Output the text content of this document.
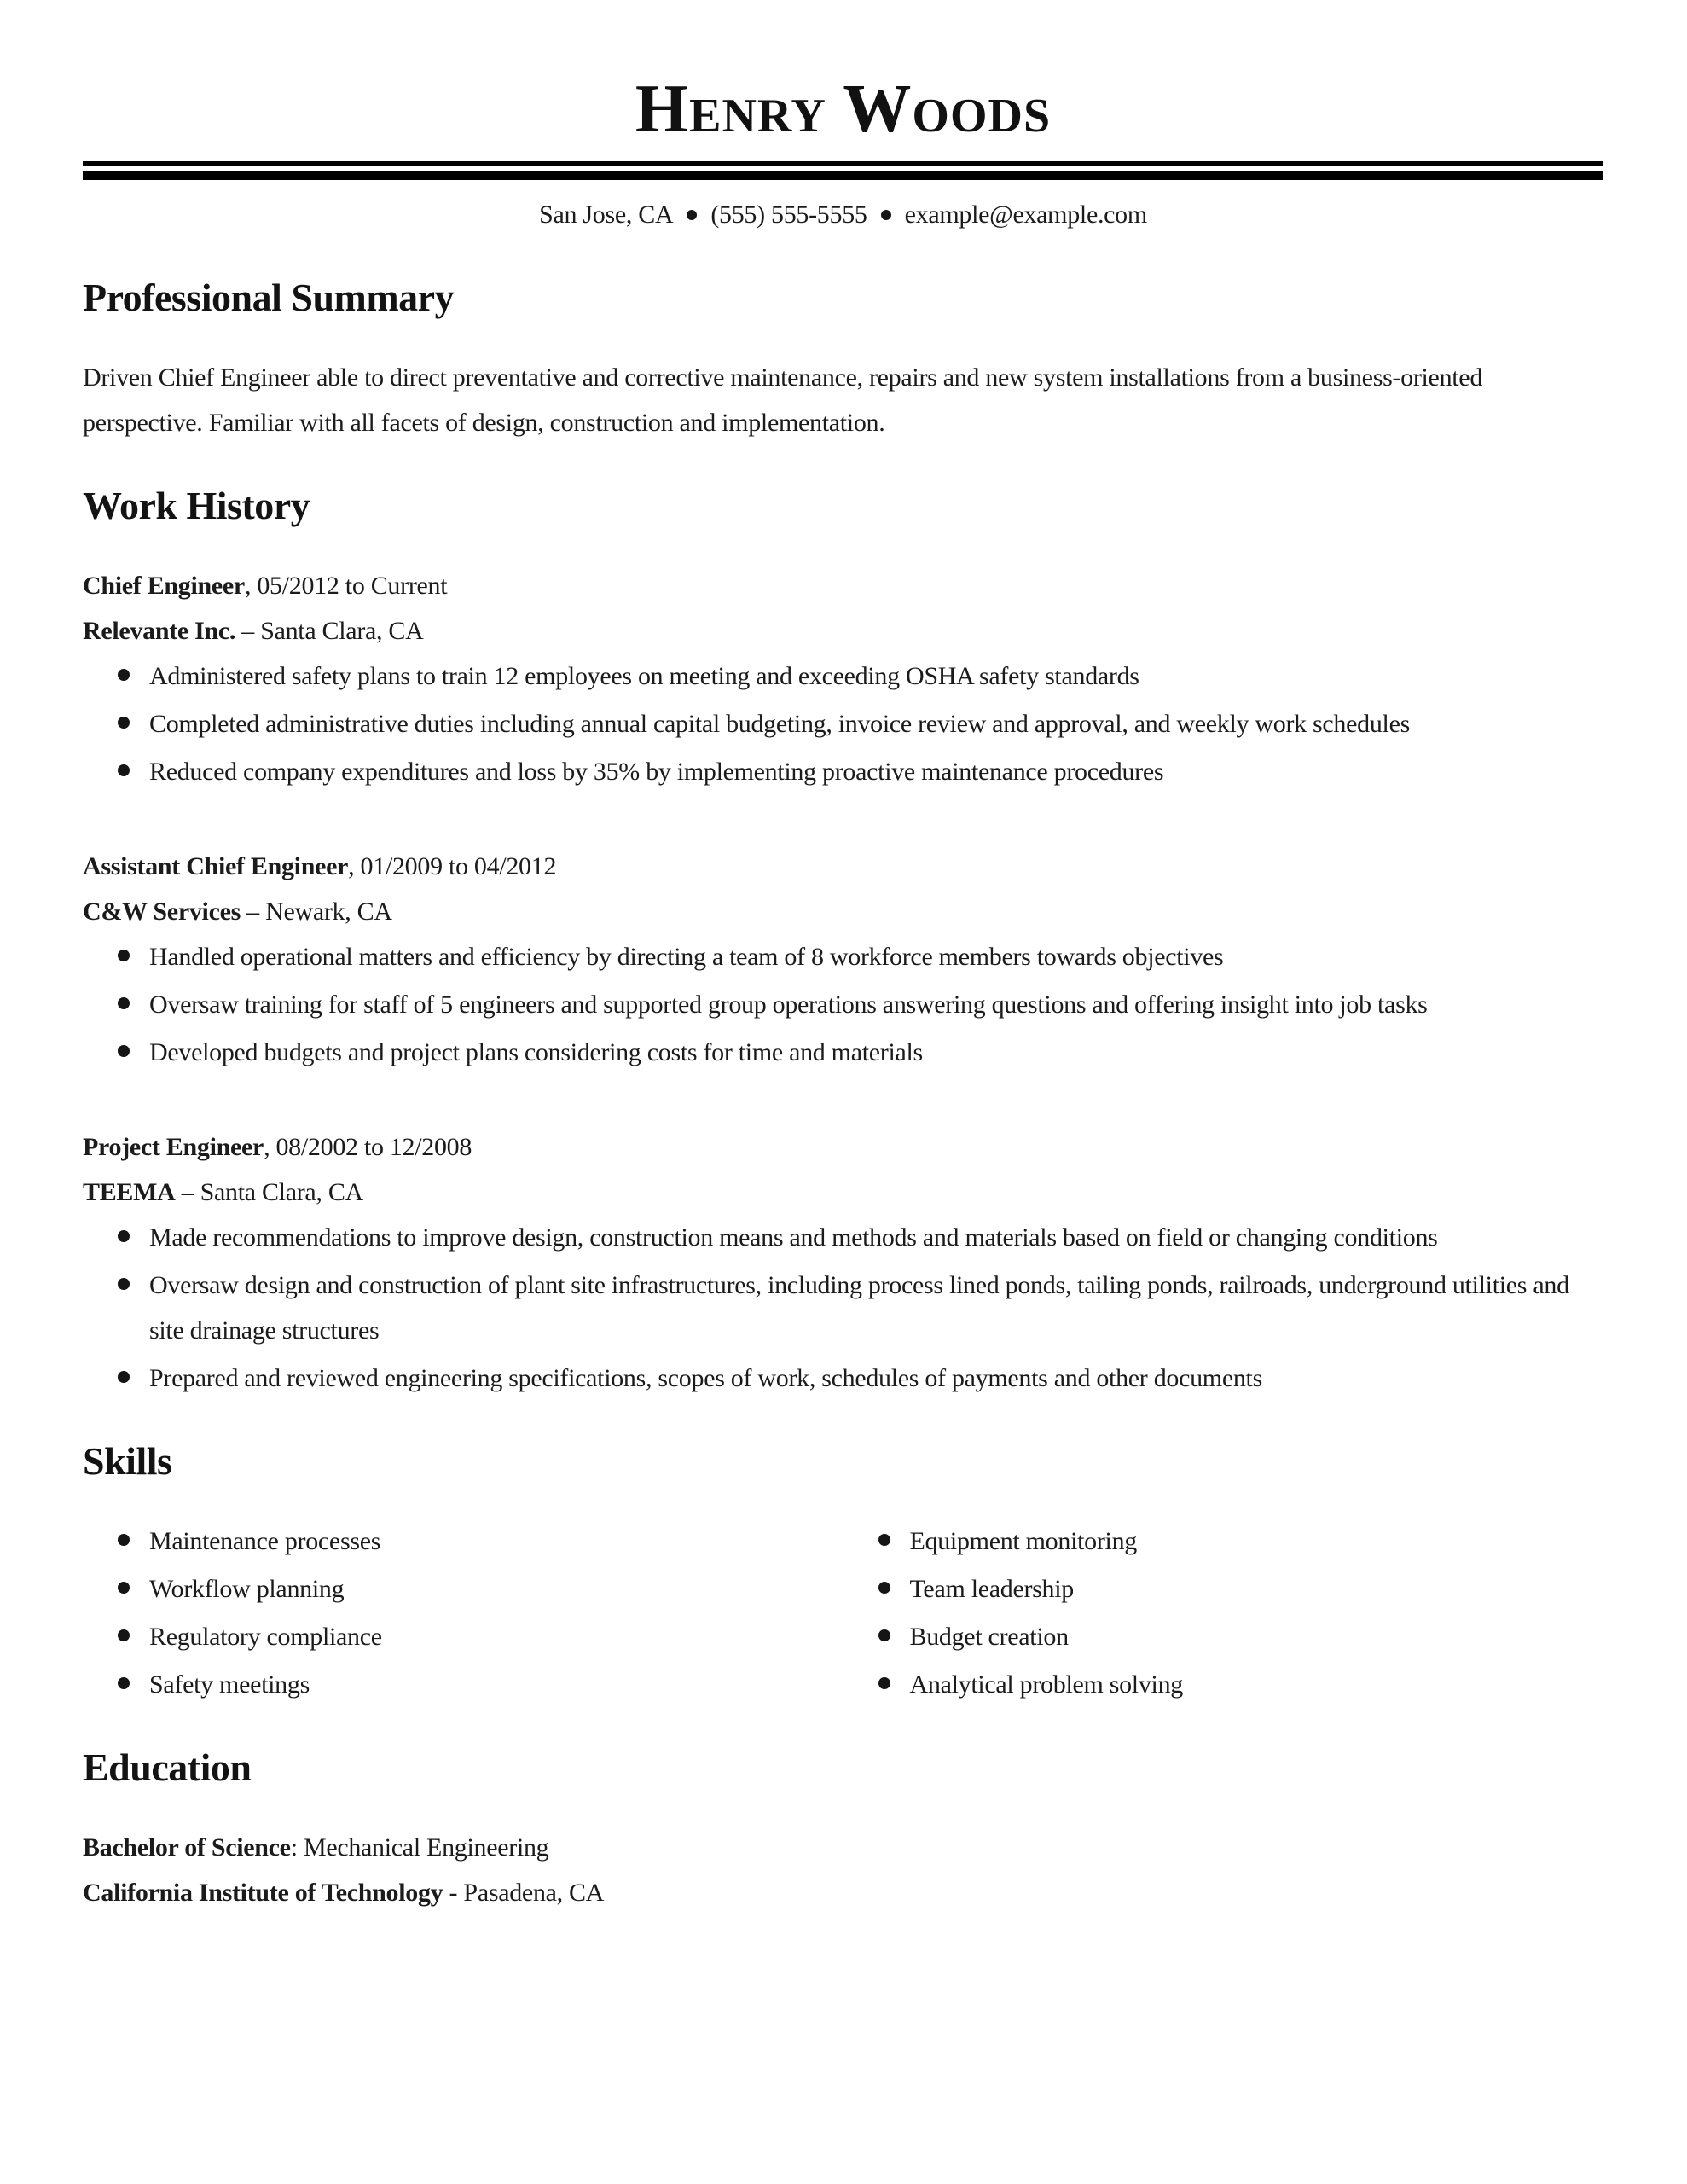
Henry Woods

San Jose, CA (555) 555-5555 example@example.com

Professional Summary

Driven Chief Engineer able to direct preventative and corrective maintenance, repairs and new system installations from a business-oriented perspective. Familiar with all facets of design, construction and implementation.

Work History

Chief Engineer, 05/2012 to Current

Relevante Inc. – Santa Clara, CA

Administered safety plans to train 12 employees on meeting and exceeding OSHA safety standards
Completed administrative duties including annual capital budgeting, invoice review and approval, and weekly work schedules
Reduced company expenditures and loss by 35% by implementing proactive maintenance procedures

Assistant Chief Engineer, 01/2009 to 04/2012

C&W Services – Newark, CA

Handled operational matters and efficiency by directing a team of 8 workforce members towards objectives
Oversaw training for staff of 5 engineers and supported group operations answering questions and offering insight into job tasks
Developed budgets and project plans considering costs for time and materials

Project Engineer, 08/2002 to 12/2008

TEEMA – Santa Clara, CA

Made recommendations to improve design, construction means and methods and materials based on field or changing conditions
Oversaw design and construction of plant site infrastructures, including process lined ponds, tailing ponds, railroads, underground utilities and site drainage structures
Prepared and reviewed engineering specifications, scopes of work, schedules of payments and other documents
Skills
Maintenance processes
Workflow planning
Regulatory compliance
Safety meetings
Equipment monitoring
Team leadership
Budget creation
Analytical problem solving
Education

Bachelor of Science: Mechanical Engineering

California Institute of Technology - Pasadena, CA
